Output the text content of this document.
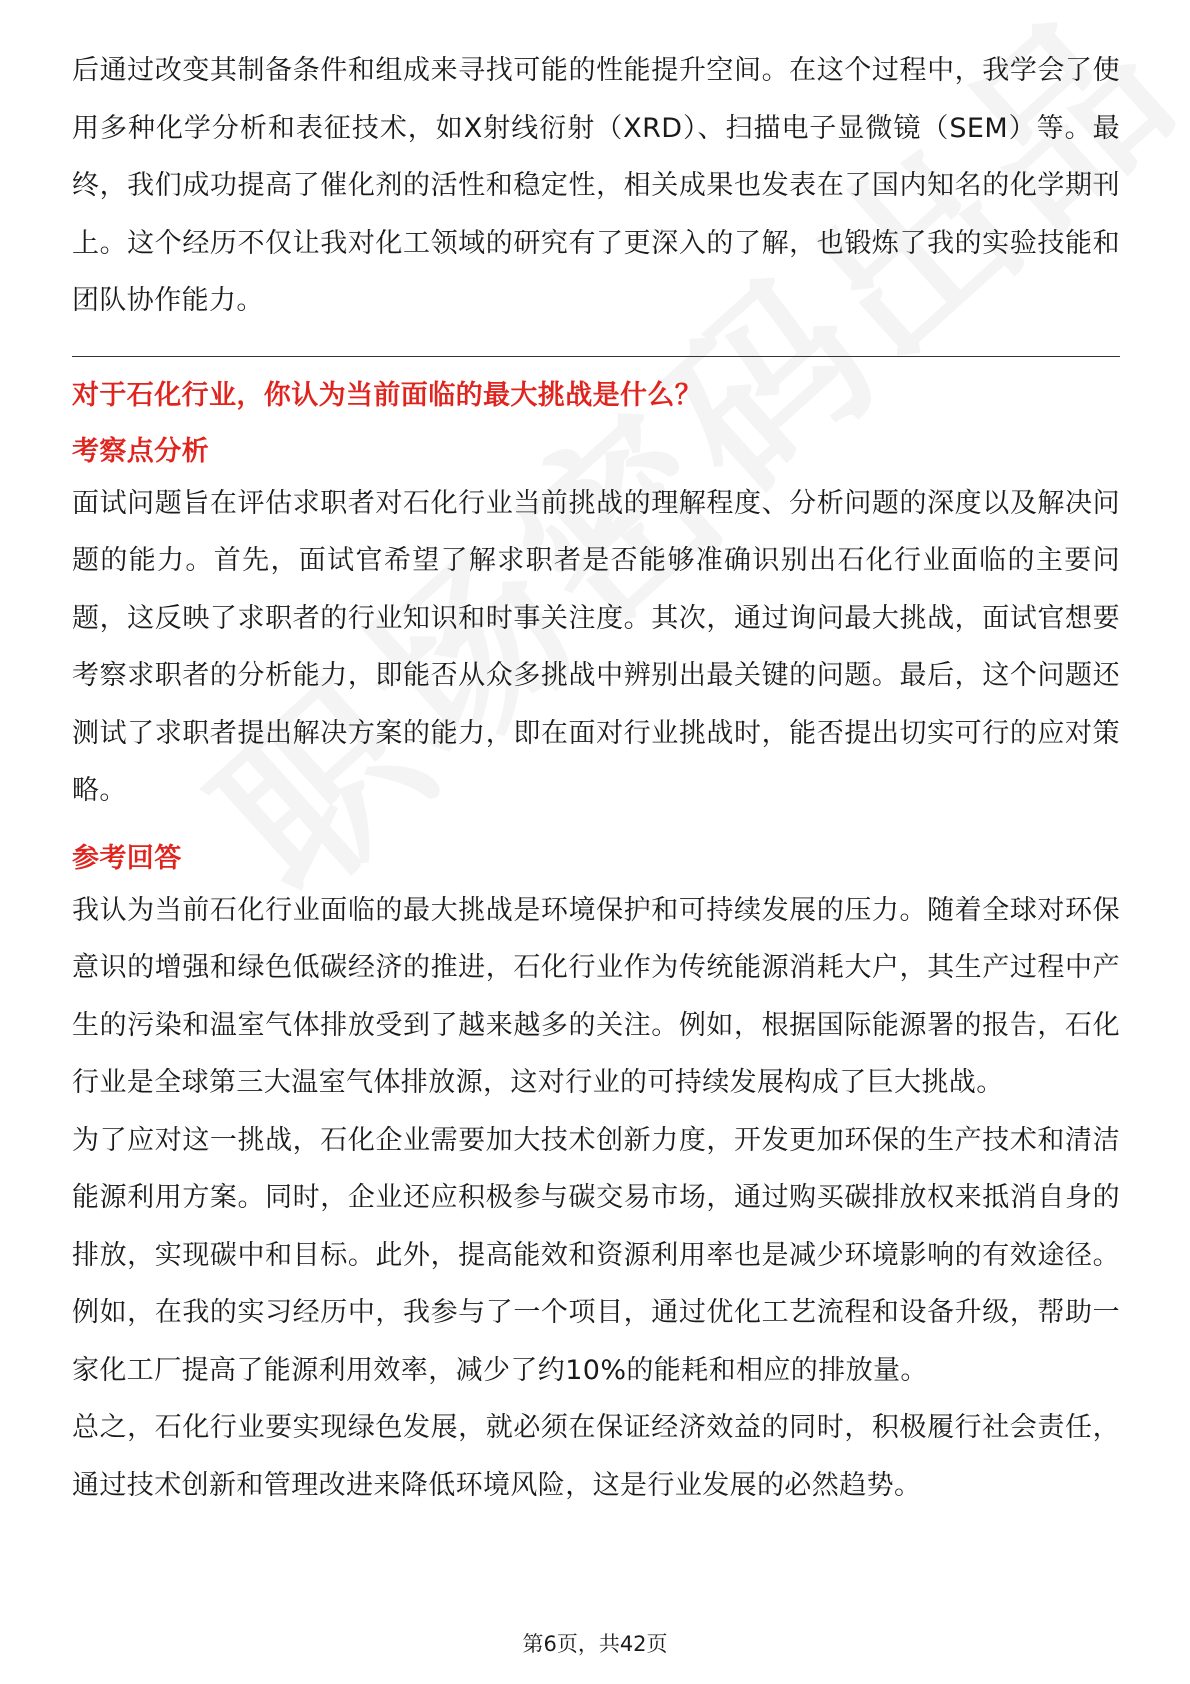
后通过改变其制备条件和组成来寻找可能的性能提升空间。在这个过程中，我学会了使用多种化学分析和表征技术，如X射线衍射（XRD）、扫描电子显微镜（SEM）等。最终，我们成功提高了催化剂的活性和稳定性，相关成果也发表在了国内知名的化学期刊上。这个经历不仅让我对化工领域的研究有了更深入的了解，也锻炼了我的实验技能和团队协作能力。

对于石化行业，你认为当前面临的最大挑战是什么？

考察点分析

面试问题旨在评估求职者对石化行业当前挑战的理解程度、分析问题的深度以及解决问题的能力。首先，面试官希望了解求职者是否能够准确识别出石化行业面临的主要问题，这反映了求职者的行业知识和时事关注度。其次，通过询问最大挑战，面试官想要考察求职者的分析能力，即能否从众多挑战中辨别出最关键的问题。最后，这个问题还测试了求职者提出解决方案的能力，即在面对行业挑战时，能否提出切实可行的应对策略。

参考回答

我认为当前石化行业面临的最大挑战是环境保护和可持续发展的压力。随着全球对环保意识的增强和绿色低碳经济的推进，石化行业作为传统能源消耗大户，其生产过程中产生的污染和温室气体排放受到了越来越多的关注。例如，根据国际能源署的报告，石化行业是全球第三大温室气体排放源，这对行业的可持续发展构成了巨大挑战。

为了应对这一挑战，石化企业需要加大技术创新力度，开发更加环保的生产技术和清洁能源利用方案。同时，企业还应积极参与碳交易市场，通过购买碳排放权来抵消自身的排放，实现碳中和目标。此外，提高能效和资源利用率也是减少环境影响的有效途径。例如，在我的实习经历中，我参与了一个项目，通过优化工艺流程和设备升级，帮助一家化工厂提高了能源利用效率，减少了约10%的能耗和相应的排放量。

总之，石化行业要实现绿色发展，就必须在保证经济效益的同时，积极履行社会责任，通过技术创新和管理改进来降低环境风险，这是行业发展的必然趋势。

第6页，共42页
